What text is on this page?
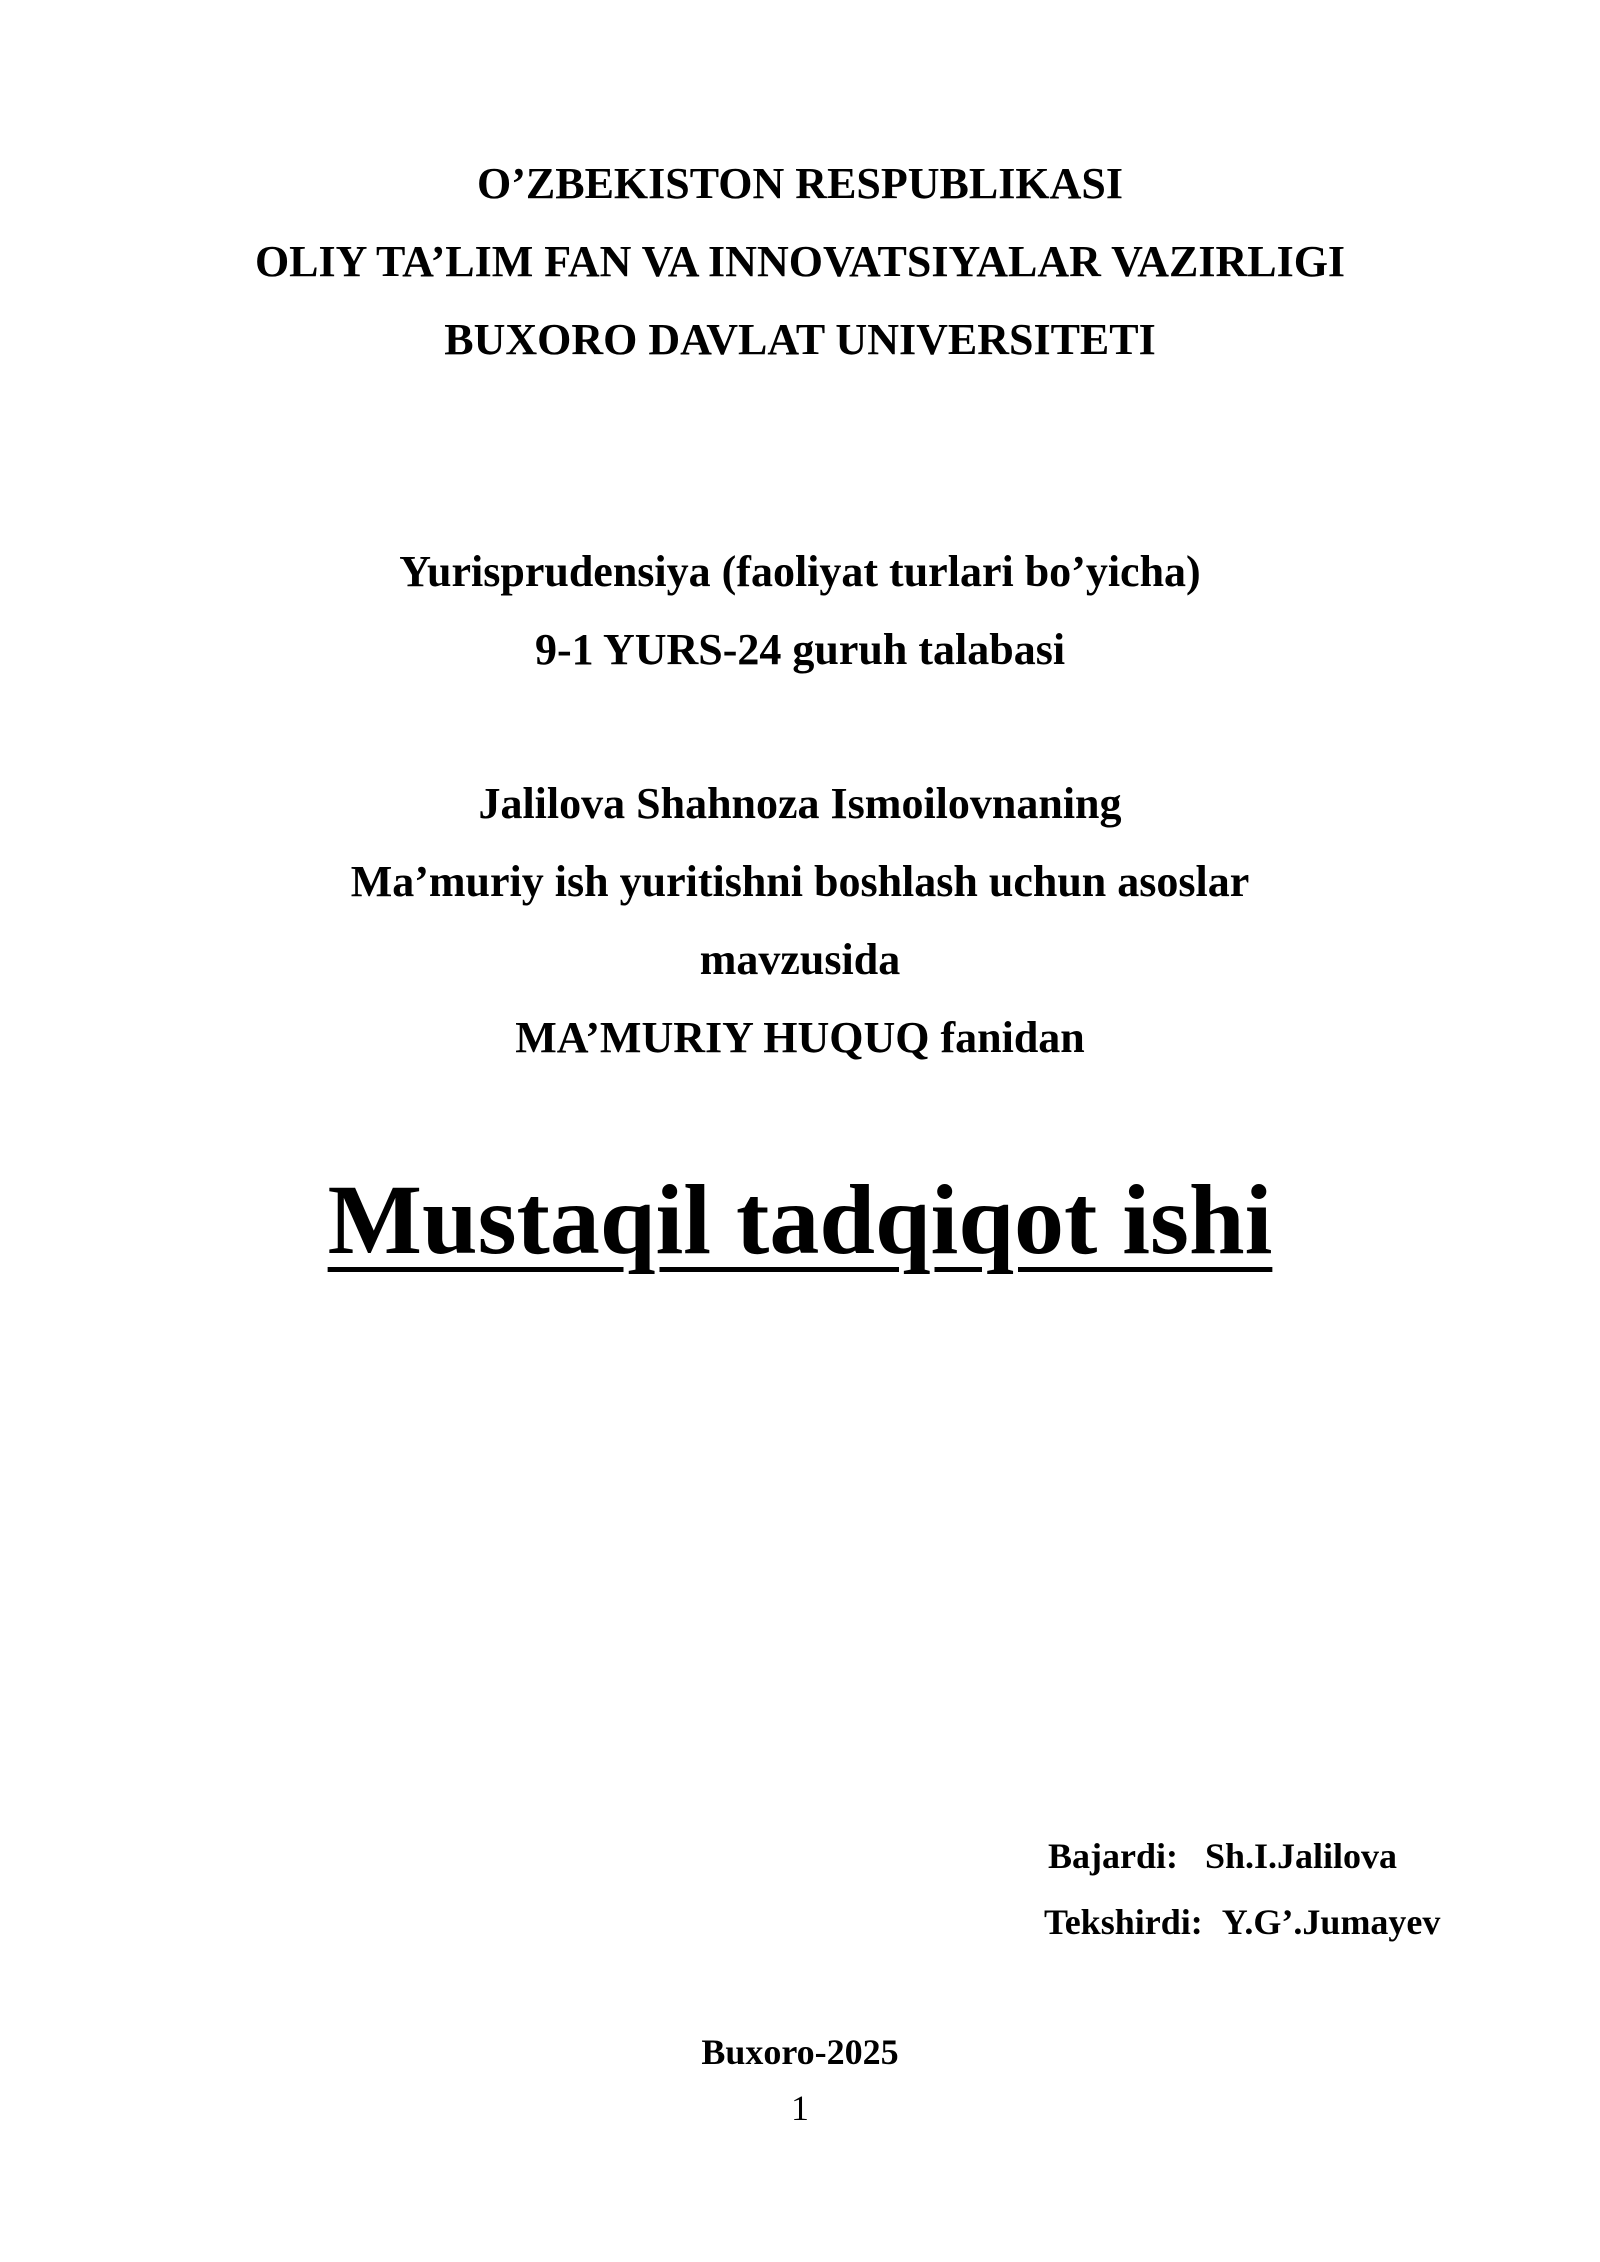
O’ZBEKISTON RESPUBLIKASI
OLIY TA’LIM FAN VA INNOVATSIYALAR VAZIRLIGI
BUXORO DAVLAT UNIVERSITETI
Yurisprudensiya (faoliyat turlari bo’yicha)
9-1 YURS-24 guruh talabasi
Jalilova Shahnoza Ismoilovnaning
Ma’muriy ish yuritishni boshlash uchun asoslar
mavzusida
MA’MURIY HUQUQ fanidan
Mustaqil tadqiqot ishi
Bajardi: Sh.I.Jalilova
Tekshirdi: Y.G’.Jumayev
Buxoro-2025
1
